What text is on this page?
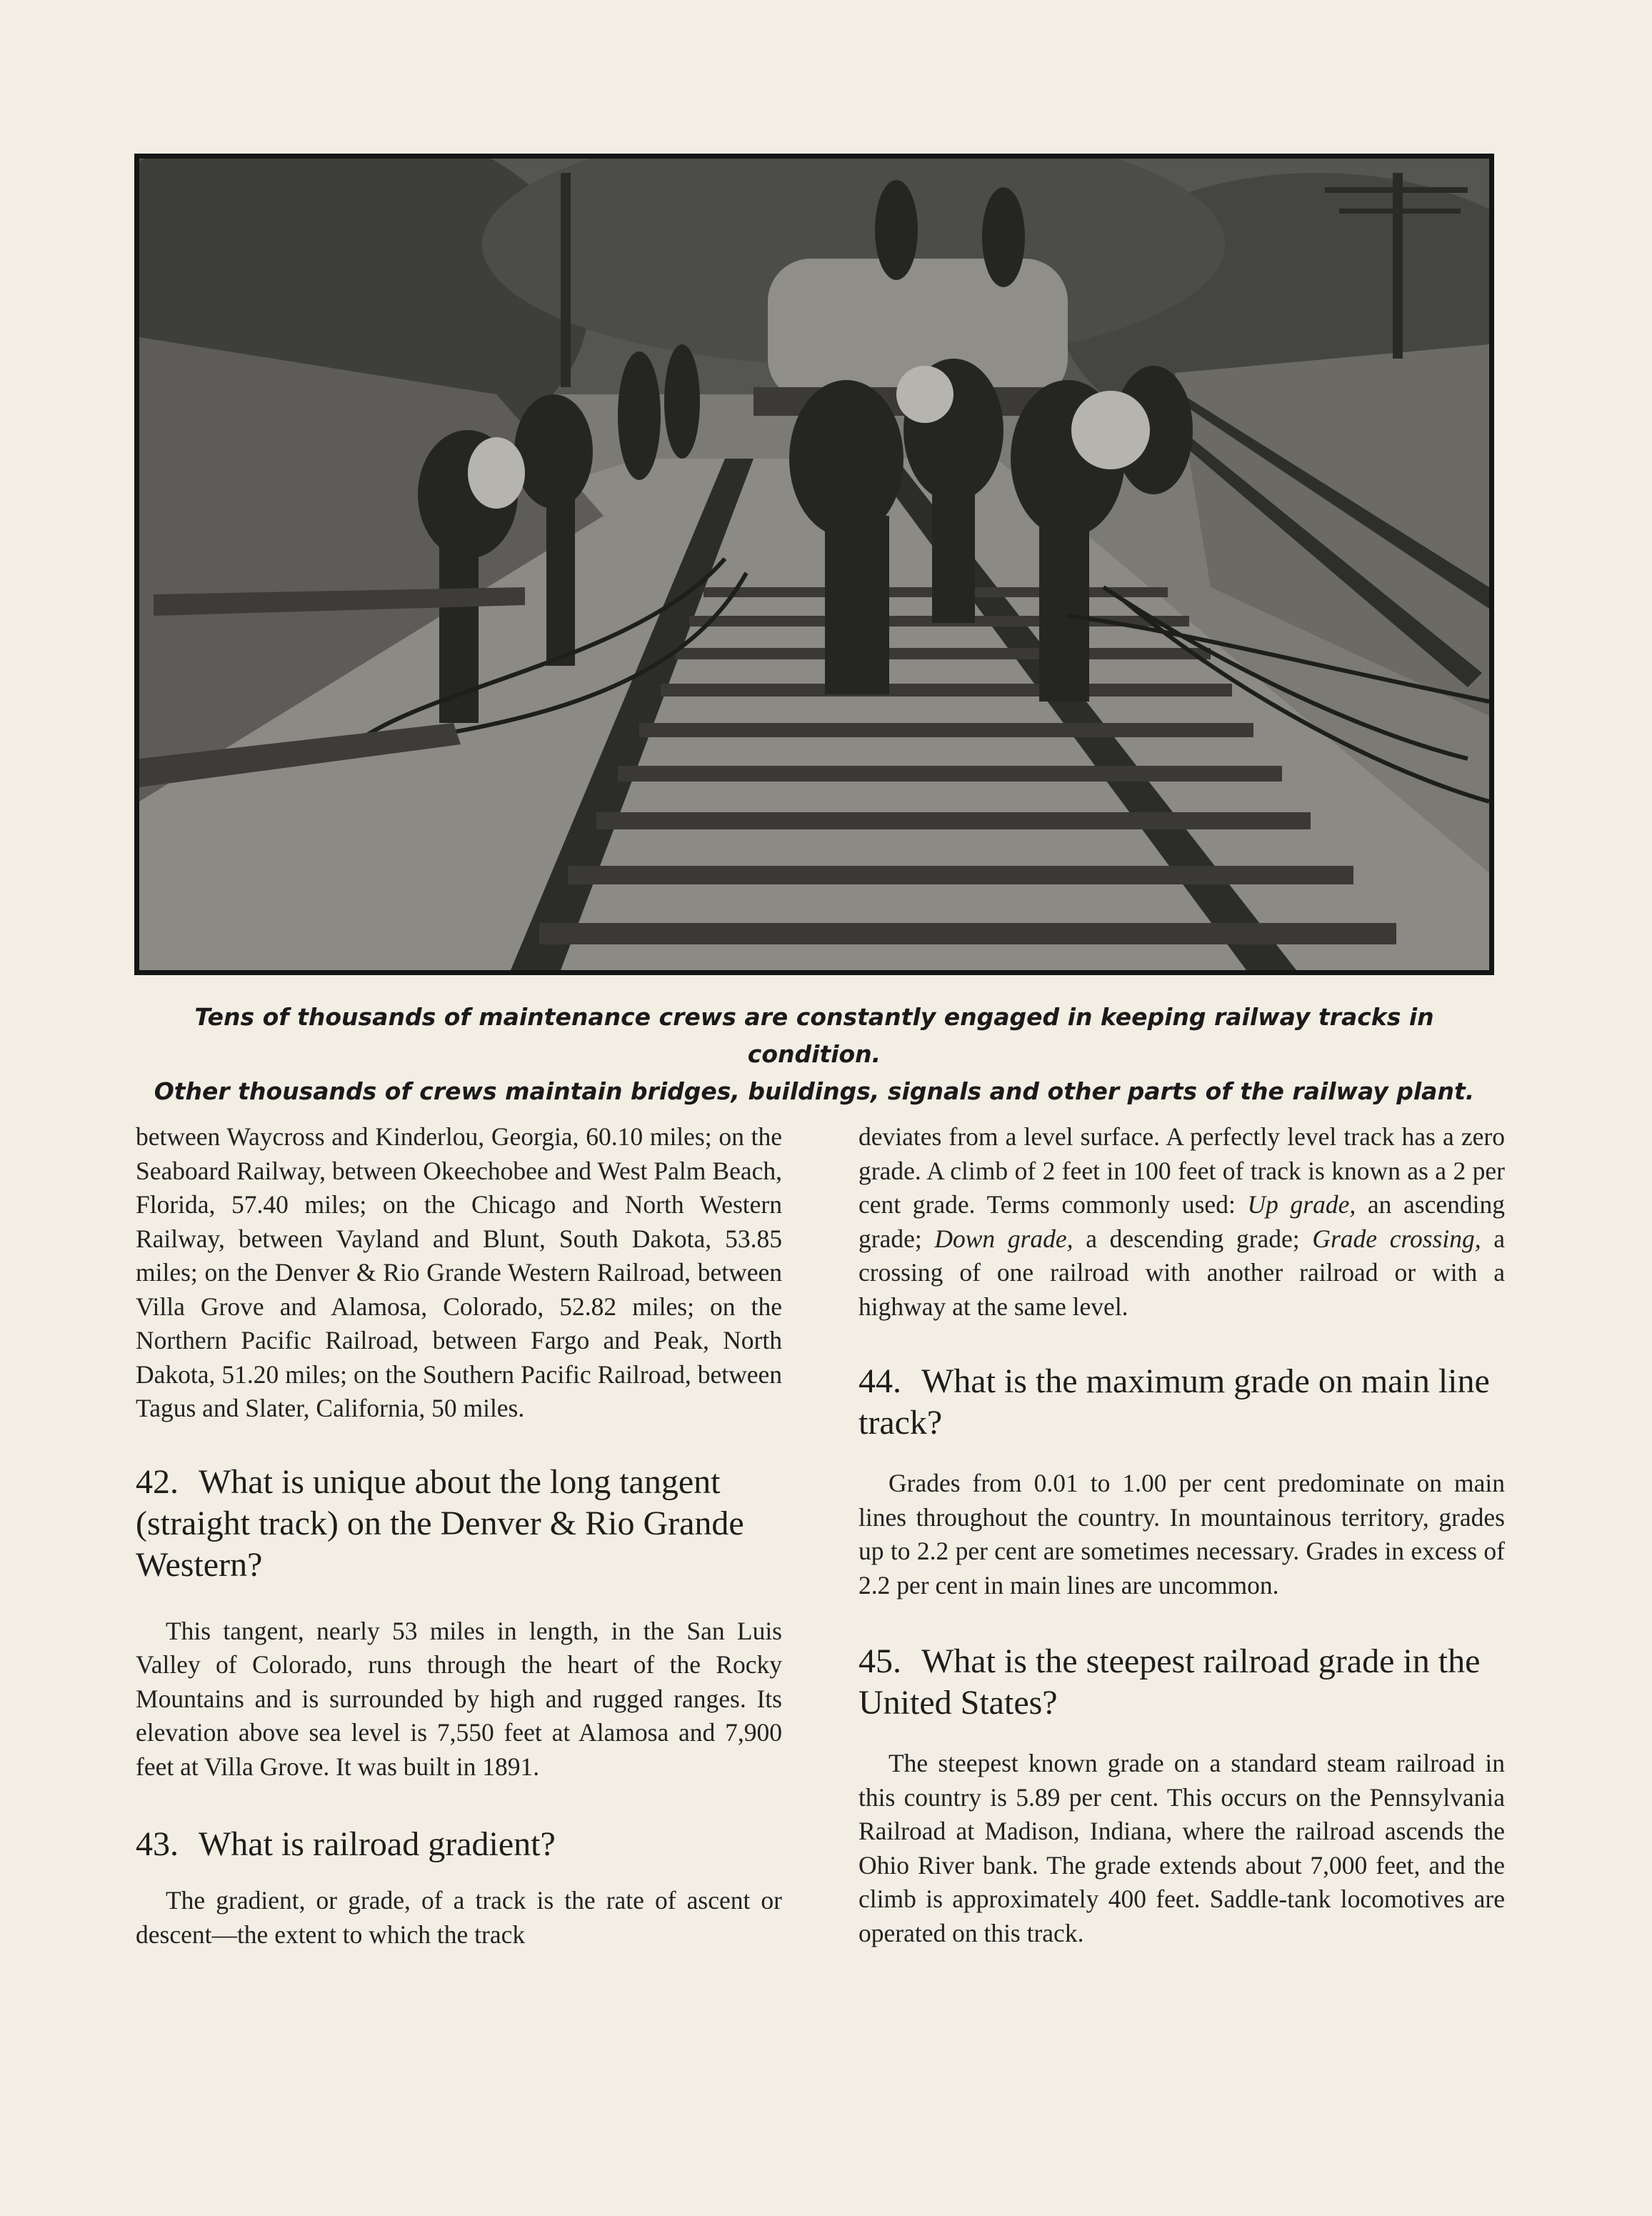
Tens of thousands of maintenance crews are constantly engaged in keeping railway tracks in condition.
Other thousands of crews maintain bridges, buildings, signals and other parts of the railway plant.

between Waycross and Kinderlou, Georgia, 60.10 miles; on the Seaboard Railway, between Okeechobee and West Palm Beach, Florida, 57.40 miles; on the Chicago and North Western Railway, between Vayland and Blunt, South Dakota, 53.85 miles; on the Denver & Rio Grande Western Railroad, between Villa Grove and Alamosa, Colorado, 52.82 miles; on the Northern Pacific Railroad, between Fargo and Peak, North Dakota, 51.20 miles; on the Southern Pacific Railroad, between Tagus and Slater, California, 50 miles.

42. What is unique about the long tangent (straight track) on the Denver & Rio Grande Western?

This tangent, nearly 53 miles in length, in the San Luis Valley of Colorado, runs through the heart of the Rocky Mountains and is surrounded by high and rugged ranges. Its elevation above sea level is 7,550 feet at Alamosa and 7,900 feet at Villa Grove. It was built in 1891.

43. What is railroad gradient?

The gradient, or grade, of a track is the rate of ascent or descent—the extent to which the track

deviates from a level surface. A perfectly level track has a zero grade. A climb of 2 feet in 100 feet of track is known as a 2 per cent grade. Terms commonly used: Up grade, an ascending grade; Down grade, a descending grade; Grade crossing, a crossing of one railroad with another railroad or with a highway at the same level.

44. What is the maximum grade on main line track?

Grades from 0.01 to 1.00 per cent predominate on main lines throughout the country. In mountainous territory, grades up to 2.2 per cent are sometimes necessary. Grades in excess of 2.2 per cent in main lines are uncommon.

45. What is the steepest railroad grade in the United States?

The steepest known grade on a standard steam railroad in this country is 5.89 per cent. This occurs on the Pennsylvania Railroad at Madison, Indiana, where the railroad ascends the Ohio River bank. The grade extends about 7,000 feet, and the climb is approximately 400 feet. Saddle-tank locomotives are operated on this track.
